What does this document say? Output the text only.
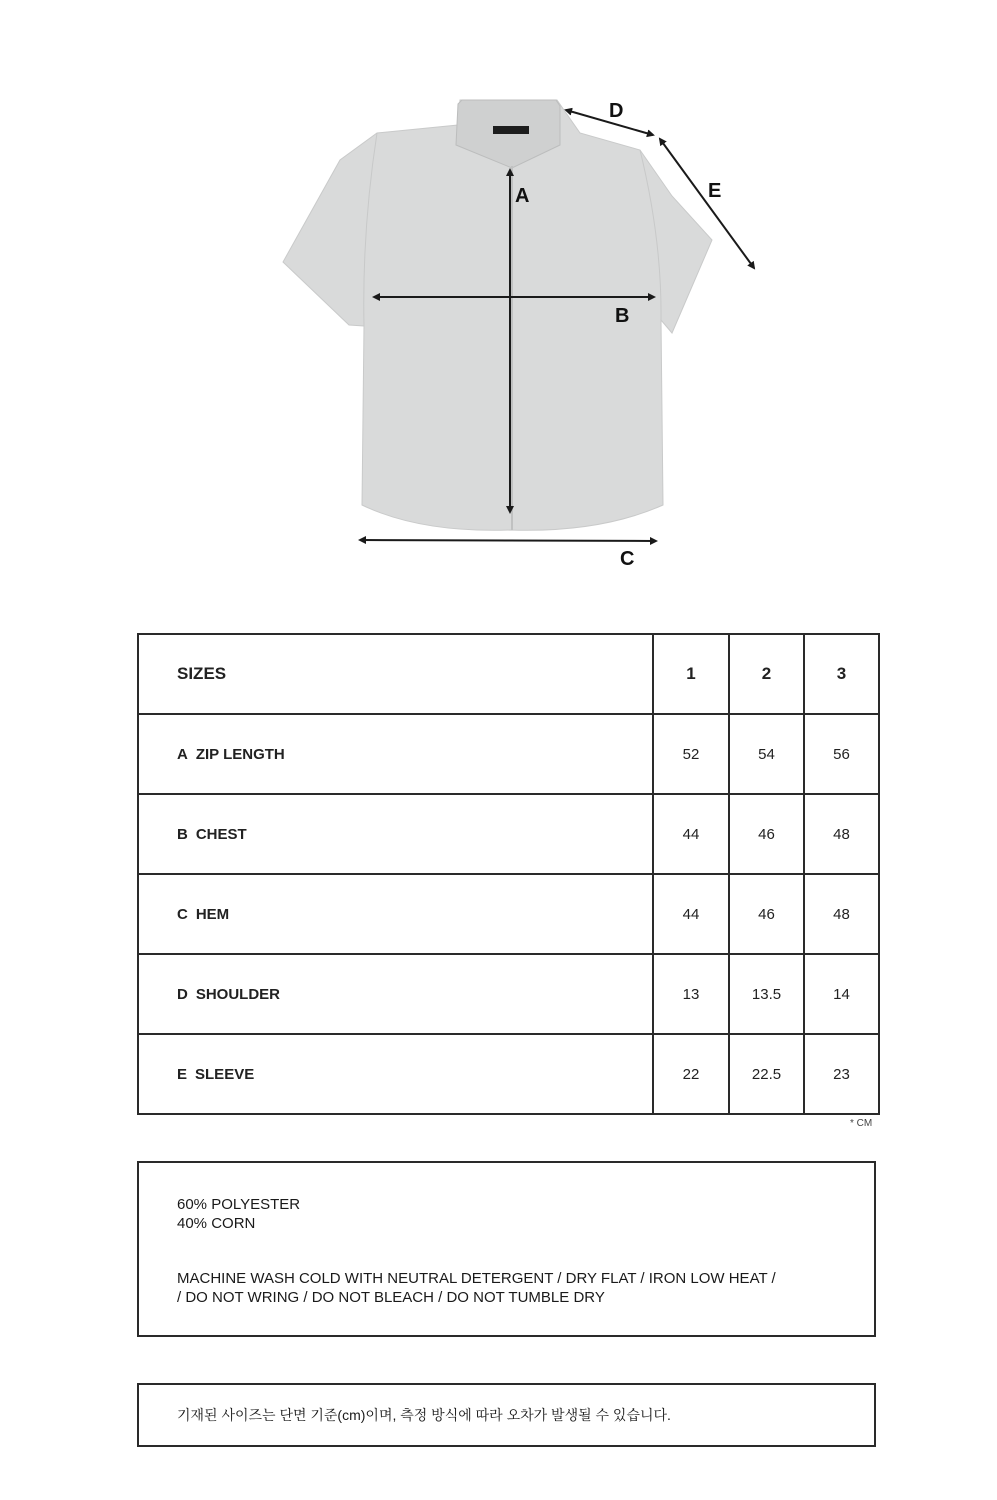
A
B
C
D
E
SIZES	1	2	3
A ZIP LENGTH	52	54	56
B CHEST	44	46	48
C HEM	44	46	48
D SHOULDER	13	13.5	14
E SLEEVE	22	22.5	23
* CM
60% POLYESTER
40% CORN
MACHINE WASH COLD WITH NEUTRAL DETERGENT / DRY FLAT / IRON LOW HEAT /
/ DO NOT WRING / DO NOT BLEACH / DO NOT TUMBLE DRY
기재된 사이즈는 단면 기준(cm)이며, 측정 방식에 따라 오차가 발생될 수 있습니다.
